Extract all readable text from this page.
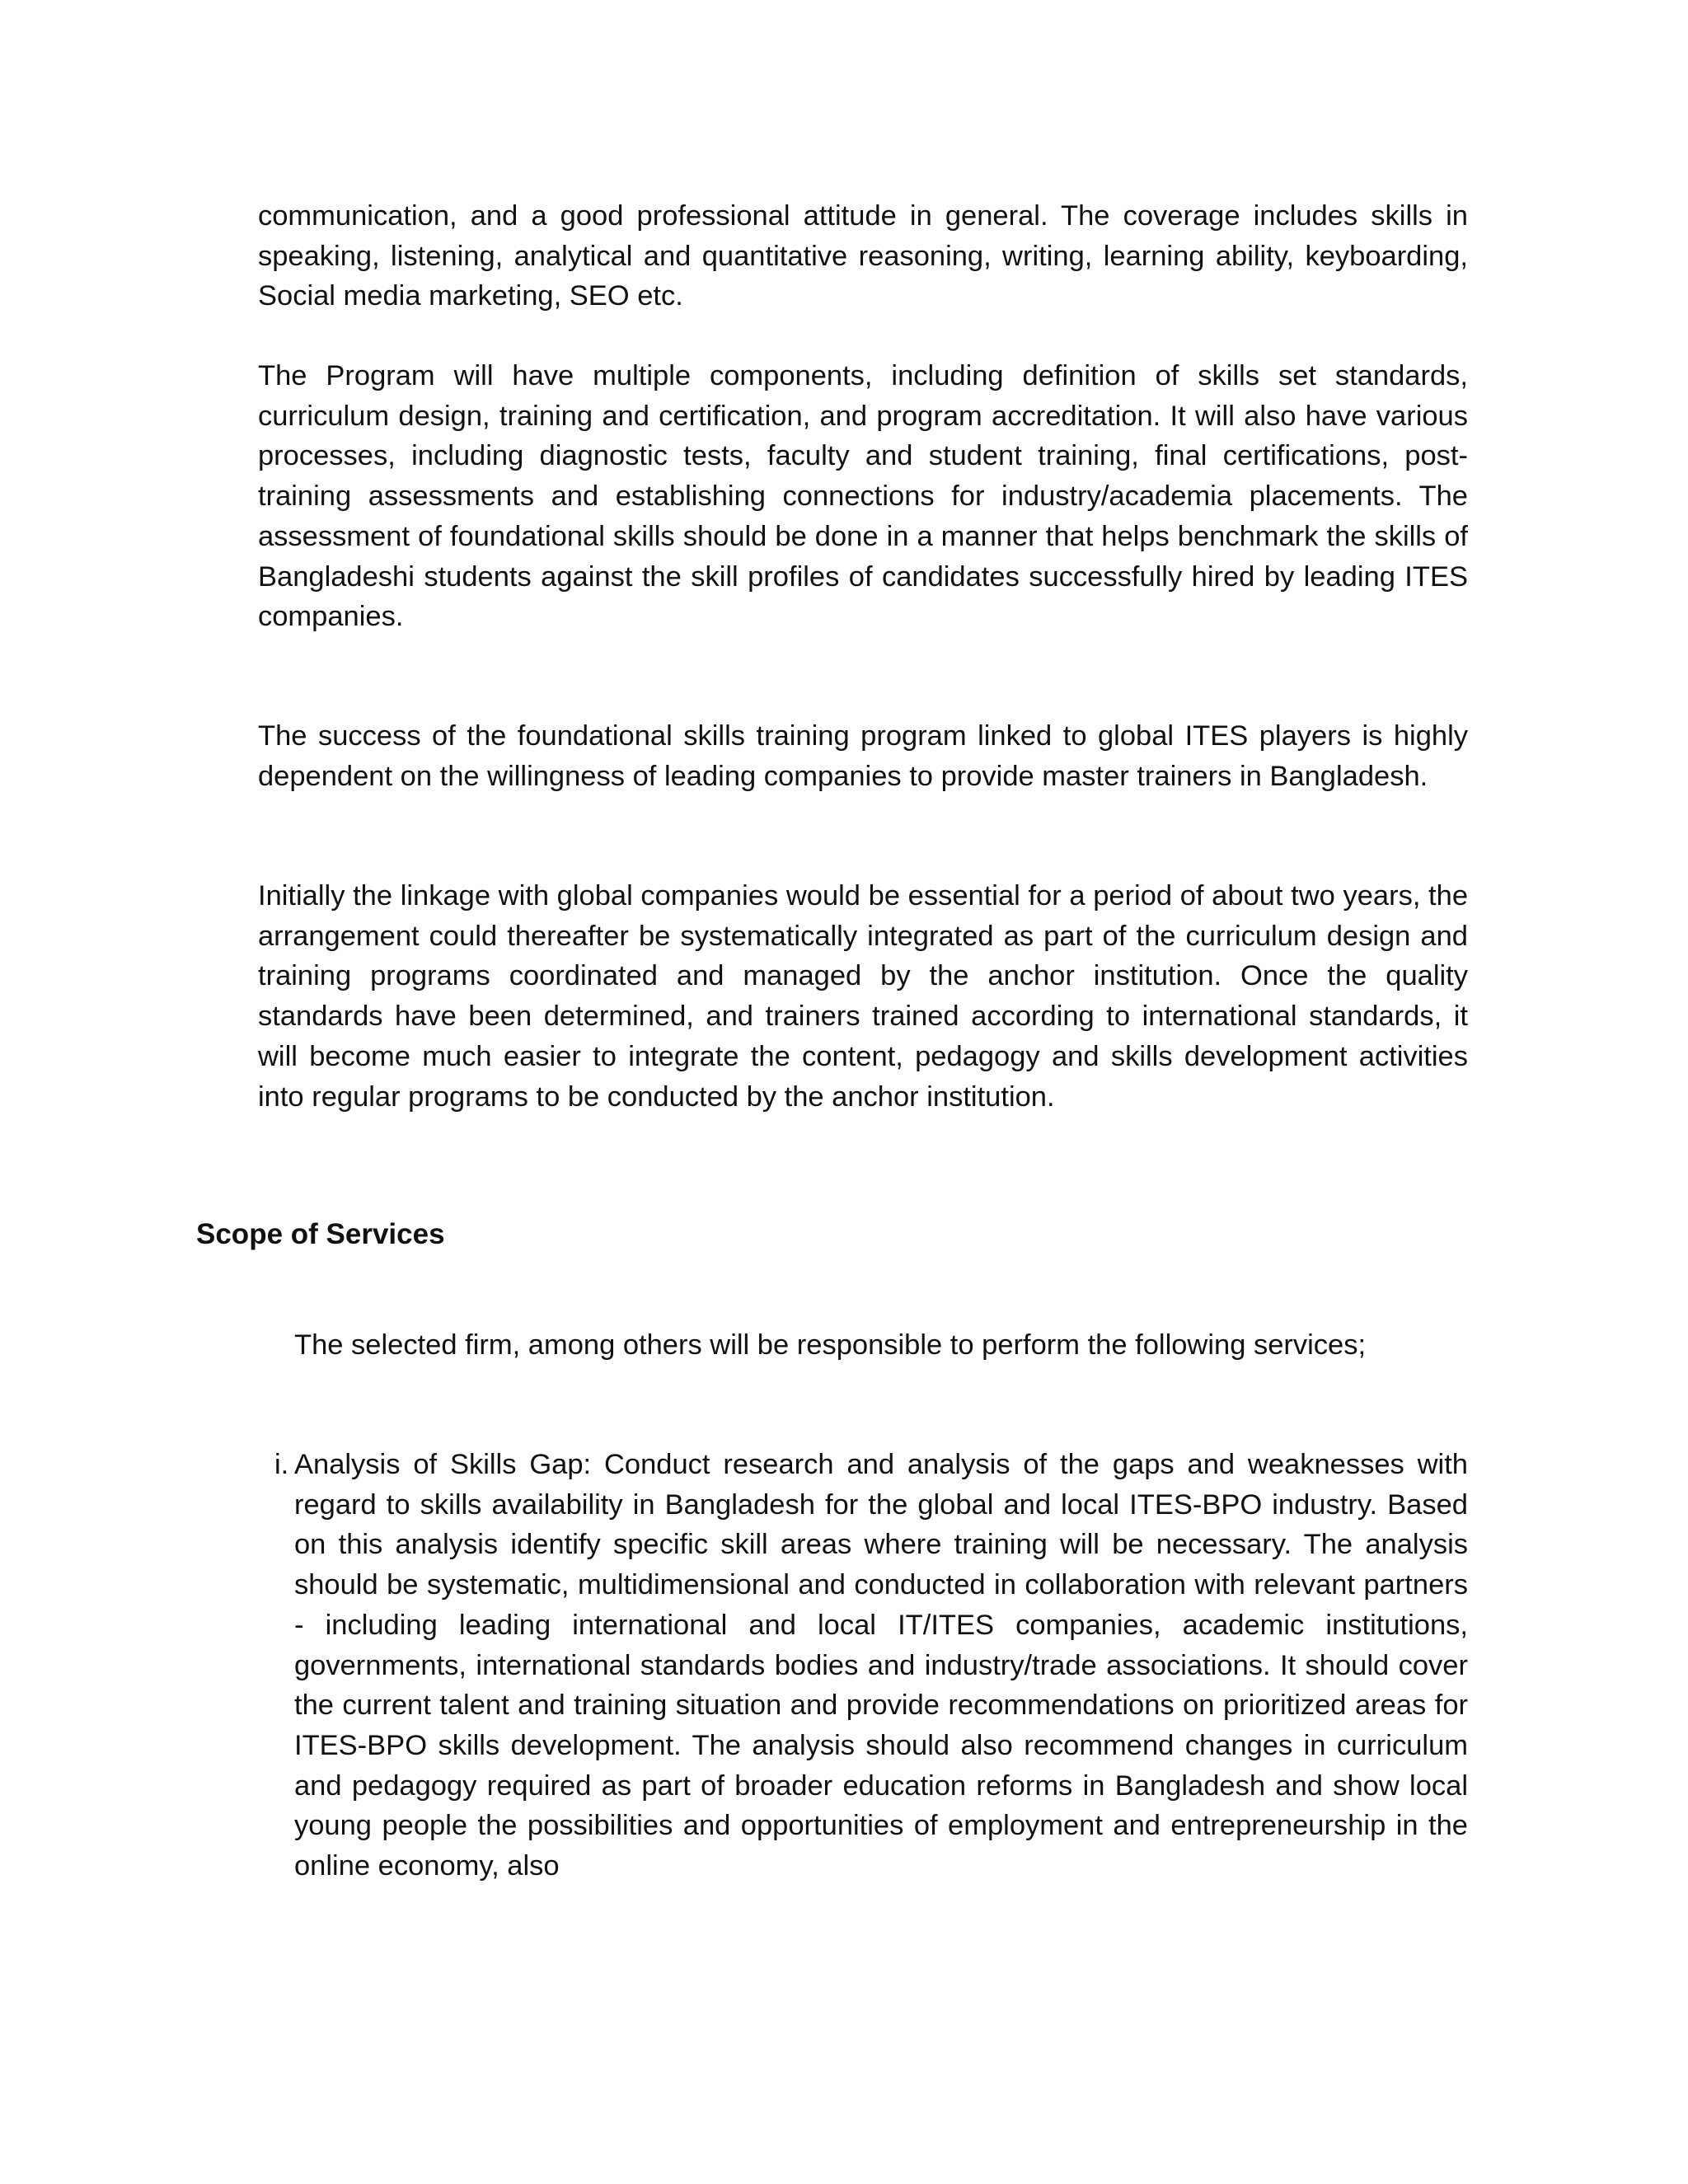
communication, and a good professional attitude in general. The coverage includes skills in speaking, listening, analytical and quantitative reasoning, writing, learning ability, keyboarding, Social media marketing, SEO etc.

The Program will have multiple components, including definition of skills set standards, curriculum design, training and certification, and program accreditation. It will also have various processes, including diagnostic tests, faculty and student training, final certifications, post-training assessments and establishing connections for industry/academia placements. The assessment of foundational skills should be done in a manner that helps benchmark the skills of Bangladeshi students against the skill profiles of candidates successfully hired by leading ITES companies.

The success of the foundational skills training program linked to global ITES players is highly dependent on the willingness of leading companies to provide master trainers in Bangladesh.

Initially the linkage with global companies would be essential for a period of about two years, the arrangement could thereafter be systematically integrated as part of the curriculum design and training programs coordinated and managed by the anchor institution. Once the quality standards have been determined, and trainers trained according to international standards, it will become much easier to integrate the content, pedagogy and skills development activities into regular programs to be conducted by the anchor institution.

Scope of Services

The selected firm, among others will be responsible to perform the following services;

i. Analysis of Skills Gap: Conduct research and analysis of the gaps and weaknesses with regard to skills availability in Bangladesh for the global and local ITES-BPO industry. Based on this analysis identify specific skill areas where training will be necessary. The analysis should be systematic, multidimensional and conducted in collaboration with relevant partners - including leading international and local IT/ITES companies, academic institutions, governments, international standards bodies and industry/trade associations. It should cover the current talent and training situation and provide recommendations on prioritized areas for ITES-BPO skills development. The analysis should also recommend changes in curriculum and pedagogy required as part of broader education reforms in Bangladesh and show local young people the possibilities and opportunities of employment and entrepreneurship in the online economy, also
